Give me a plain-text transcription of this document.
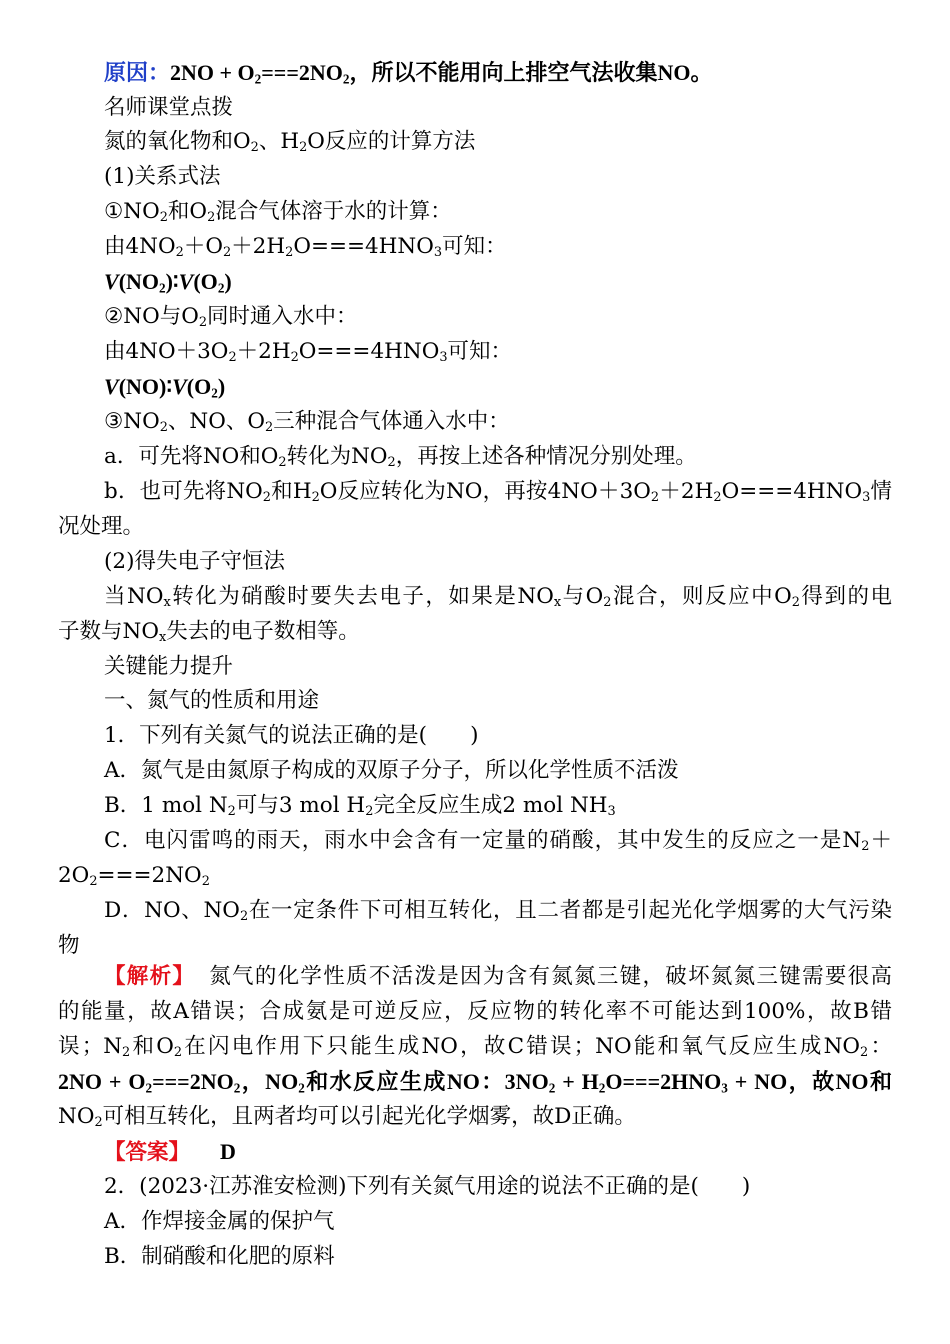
原因：$2NO + O_2===2NO_2$，所以不能用向上排空气法收集NO。
名师课堂点拨
氮的氧化物和$O_2$、$H_2O$反应的计算方法
(1)关系式法
$①NO_2$和$O_2$混合气体溶于水的计算：
由$4NO_2+O_2+2H_2O===4HNO_3$可知：
$V(NO_2)∶V(O_2)$
②NO与$O_2$同时通入水中：
由$4NO+3O_2+2H_2O===4HNO_3$可知：
$V(NO)∶V(O_2)$
$③NO_2$、NO、$O_2$三种混合气体通入水中：
a．可先将NO和$O_2$转化为$NO_2$，再按上述各种情况分别处理。
b．也可先将$NO_2$和$H_2O$反应转化为NO，再按$4NO+3O_2+2H_2O===4HNO_3$情
况处理。
(2)得失电子守恒法
当$NO_x$转化为硝酸时要失去电子，如果是$NO_x$与$O_2$混合，则反应中$O_2$得到的电
子数与$NO_x$失去的电子数相等。
关键能力提升
一、氮气的性质和用途
1．下列有关氮气的说法正确的是(　　)
A．氮气是由氮原子构成的双原子分子，所以化学性质不活泼
B．1 mol $N_2$可与3 mol $H_2$完全反应生成2 mol $NH_3$
C．电闪雷鸣的雨天，雨水中会含有一定量的硝酸，其中发生的反应之一是$N_2+$
$2O_2===2NO_2$
D．NO、$NO_2$在一定条件下可相互转化，且二者都是引起光化学烟雾的大气污染
物
【解析】 氮气的化学性质不活泼是因为含有氮氮三键，破坏氮氮三键需要很高
的能量，故A错误；合成氨是可逆反应，反应物的转化率不可能达到100%，故B错
误；$N_2$和$O_2$在闪电作用下只能生成NO，故C错误；NO能和氧气反应生成$NO_2$：
$2NO + O_2===2NO_2$，$NO_2$和水反应生成NO：$3NO_2 + H_2O===2HNO_3$ + NO，故NO和
$NO_2$可相互转化，且两者均可以引起光化学烟雾，故D正确。
【答案】 D
2．(2023·江苏淮安检测)下列有关氮气用途的说法不正确的是(　　)
A．作焊接金属的保护气
B．制硝酸和化肥的原料
